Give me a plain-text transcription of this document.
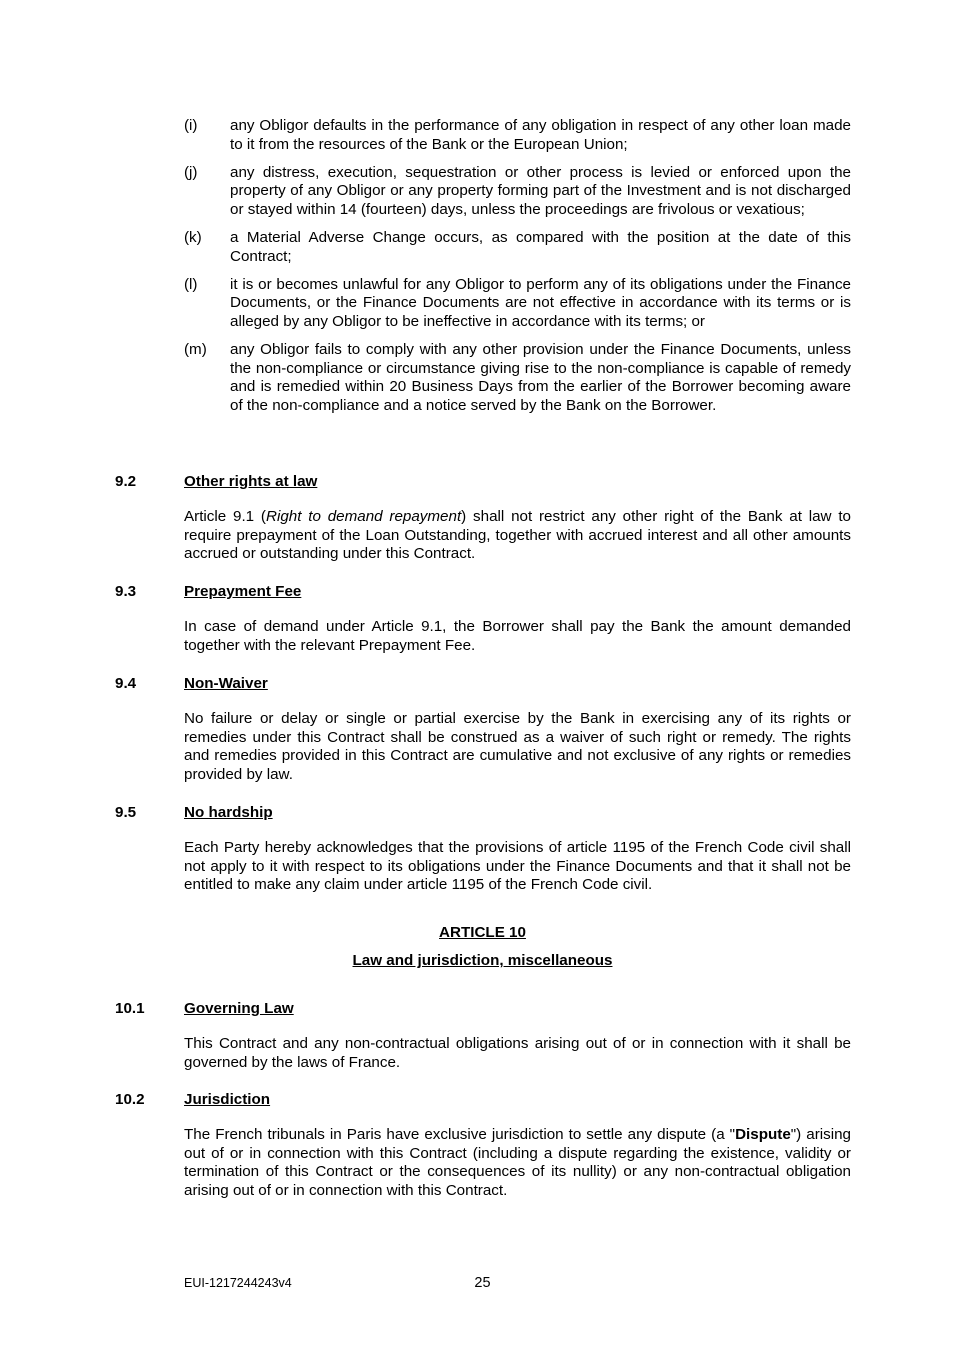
(i) any Obligor defaults in the performance of any obligation in respect of any other loan made to it from the resources of the Bank or the European Union;
(j) any distress, execution, sequestration or other process is levied or enforced upon the property of any Obligor or any property forming part of the Investment and is not discharged or stayed within 14 (fourteen) days, unless the proceedings are frivolous or vexatious;
(k) a Material Adverse Change occurs, as compared with the position at the date of this Contract;
(l) it is or becomes unlawful for any Obligor to perform any of its obligations under the Finance Documents, or the Finance Documents are not effective in accordance with its terms or is alleged by any Obligor to be ineffective in accordance with its terms; or
(m) any Obligor fails to comply with any other provision under the Finance Documents, unless the non-compliance or circumstance giving rise to the non-compliance is capable of remedy and is remedied within 20 Business Days from the earlier of the Borrower becoming aware of the non-compliance and a notice served by the Bank on the Borrower.
9.2	Other rights at law
Article 9.1 (Right to demand repayment) shall not restrict any other right of the Bank at law to require prepayment of the Loan Outstanding, together with accrued interest and all other amounts accrued or outstanding under this Contract.
9.3	Prepayment Fee
In case of demand under Article 9.1, the Borrower shall pay the Bank the amount demanded together with the relevant Prepayment Fee.
9.4	Non-Waiver
No failure or delay or single or partial exercise by the Bank in exercising any of its rights or remedies under this Contract shall be construed as a waiver of such right or remedy. The rights and remedies provided in this Contract are cumulative and not exclusive of any rights or remedies provided by law.
9.5	No hardship
Each Party hereby acknowledges that the provisions of article 1195 of the French Code civil shall not apply to it with respect to its obligations under the Finance Documents and that it shall not be entitled to make any claim under article 1195 of the French Code civil.
ARTICLE 10
Law and jurisdiction, miscellaneous
10.1	Governing Law
This Contract and any non-contractual obligations arising out of or in connection with it shall be governed by the laws of France.
10.2	Jurisdiction
The French tribunals in Paris have exclusive jurisdiction to settle any dispute (a "Dispute") arising out of or in connection with this Contract (including a dispute regarding the existence, validity or termination of this Contract or the consequences of its nullity) or any non-contractual obligation arising out of or in connection with this Contract.
EUI-1217244243v4	25
